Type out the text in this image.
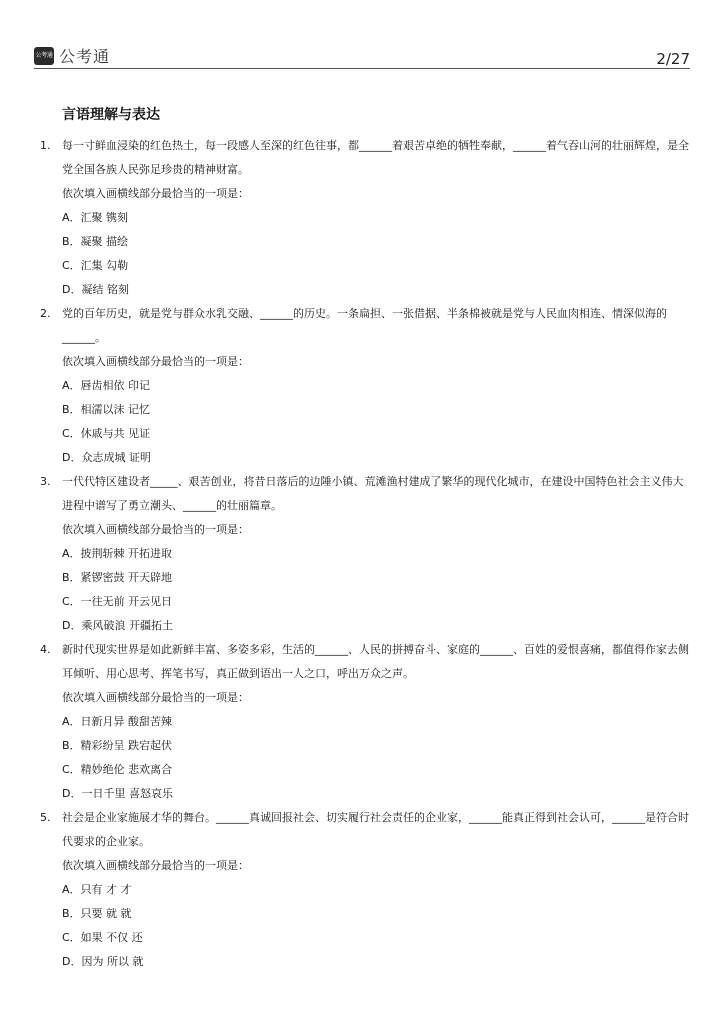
公考通 公考通	2/27
言语理解与表达
1.	每一寸鲜血浸染的红色热土，每一段感人至深的红色往事，都______着艰苦卓绝的牺牲奉献，______着气吞山河的壮丽辉煌，是全党全国各族人民弥足珍贵的精神财富。
依次填入画横线部分最恰当的一项是：
A．汇聚 镌刻
B．凝聚 描绘
C．汇集 勾勒
D．凝结 铭刻
2.	党的百年历史，就是党与群众水乳交融、______的历史。一条扁担、一张借据、半条棉被就是党与人民血肉相连、情深似海的______。
依次填入画横线部分最恰当的一项是：
A．唇齿相依 印记
B．相濡以沫 记忆
C．休戚与共 见证
D．众志成城 证明
3.	一代代特区建设者_____、艰苦创业，将昔日落后的边陲小镇、荒滩渔村建成了繁华的现代化城市，在建设中国特色社会主义伟大进程中谱写了勇立潮头、______的壮丽篇章。
依次填入画横线部分最恰当的一项是：
A．披荆斩棘 开拓进取
B．紧锣密鼓 开天辟地
C．一往无前 开云见日
D．乘风破浪 开疆拓土
4.	新时代现实世界是如此新鲜丰富、多姿多彩，生活的______、人民的拼搏奋斗、家庭的______、百姓的爱恨喜痛，都值得作家去侧耳倾听、用心思考、挥笔书写，真正做到语出一人之口，呼出万众之声。
依次填入画横线部分最恰当的一项是：
A．日新月异 酸甜苦辣
B．精彩纷呈 跌宕起伏
C．精妙绝伦 悲欢离合
D．一日千里 喜怒哀乐
5.	社会是企业家施展才华的舞台。______真诚回报社会、切实履行社会责任的企业家，______能真正得到社会认可，______是符合时代要求的企业家。
依次填入画横线部分最恰当的一项是：
A．只有 才 才
B．只要 就 就
C．如果 不仅 还
D．因为 所以 就
